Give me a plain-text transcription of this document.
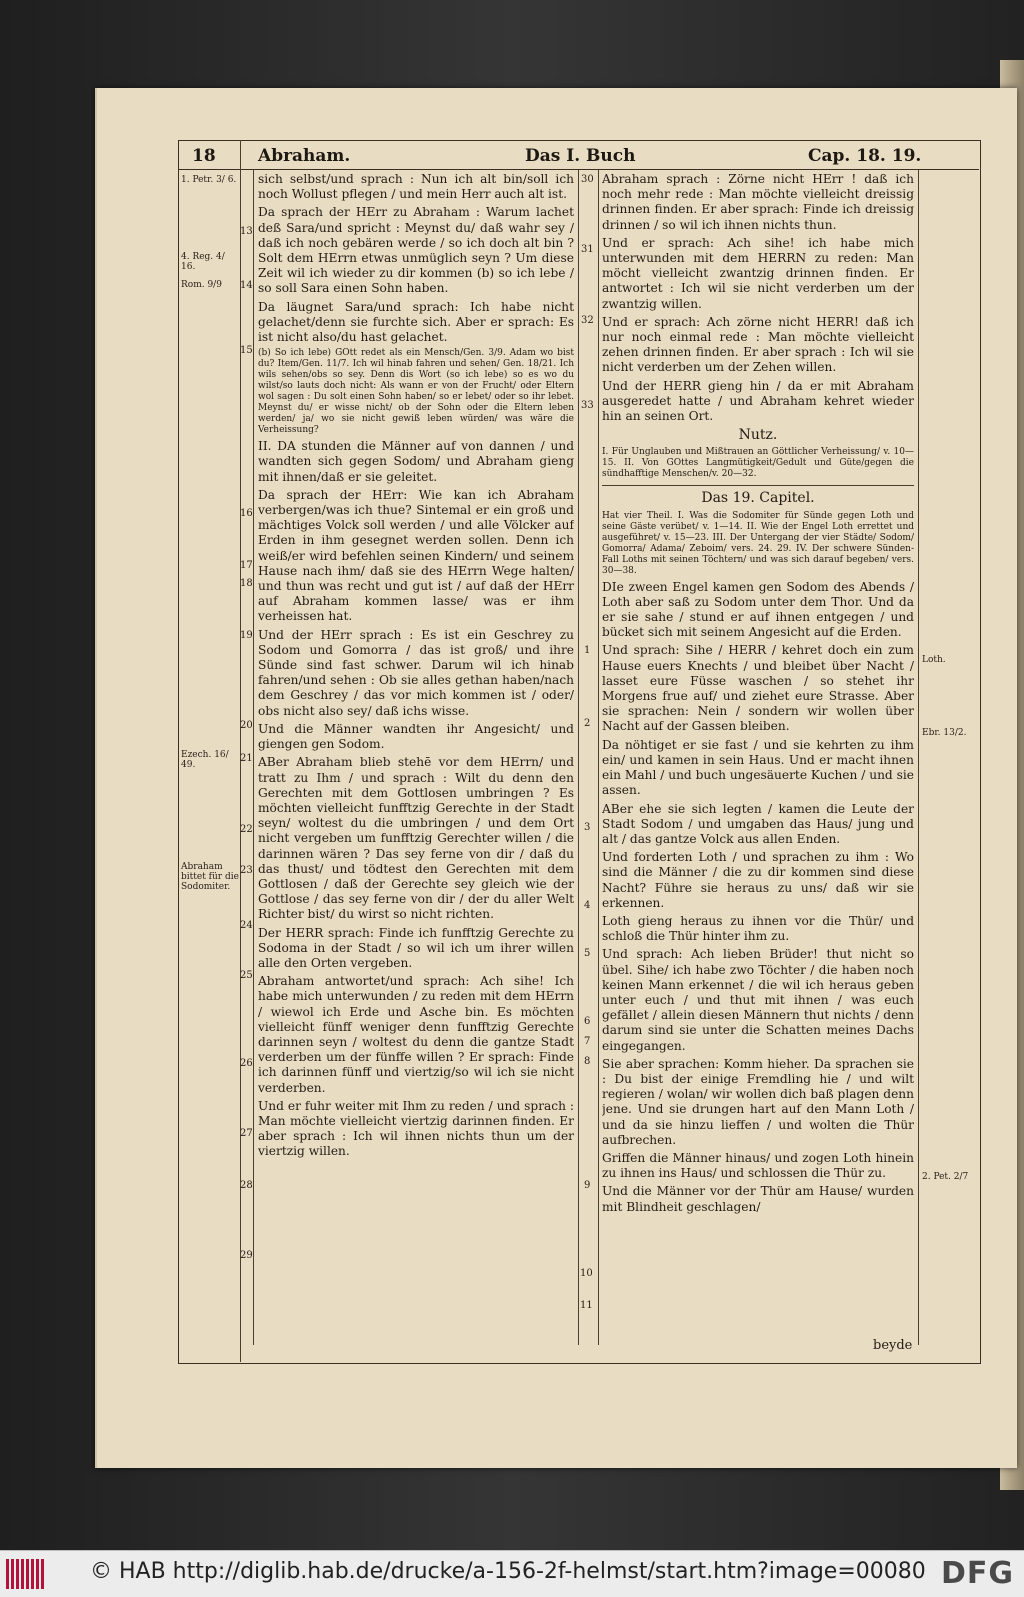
18 Abraham.	Das I. Buch	Cap. 18. 19.
1. Petr. 3/ 6.
4. Reg. 4/ 16.
Rom. 9/9
Ezech. 16/ 49.
Abraham bittet für die Sodomiter.
Loth.
Ebr. 13/2.
2. Pet. 2/7
13
14
15
16
17
18
19
20
21
22
23
24
25
26
27
28
29
30
31
32
33
1
2
3
4
5
6
7
8
9
10
11

sich selbst/und sprach : Nun ich alt bin/soll ich noch Wollust pflegen / und mein Herr auch alt ist.

Da sprach der HErr zu Abraham : Warum lachet deß Sara/und spricht : Meynst du/ daß wahr sey / daß ich noch gebären werde / so ich doch alt bin ? Solt dem HErrn etwas unmüglich seyn ? Um diese Zeit wil ich wieder zu dir kommen (b) so ich lebe / so soll Sara einen Sohn haben.

Da läugnet Sara/und sprach: Ich habe nicht gelachet/denn sie furchte sich. Aber er sprach: Es ist nicht also/du hast gelachet.

(b) So ich lebe) GOtt redet als ein Mensch/Gen. 3/9. Adam wo bist du? Item/Gen. 11/7. Ich wil hinab fahren und sehen/ Gen. 18/21. Ich wils sehen/obs so sey. Denn dis Wort (so ich lebe) so es wo du wilst/so lauts doch nicht: Als wann er von der Frucht/ oder Eltern wol sagen : Du solt einen Sohn haben/ so er lebet/ oder so ihr lebet. Meynst du/ er wisse nicht/ ob der Sohn oder die Eltern leben werden/ ja/ wo sie nicht gewiß leben würden/ was wäre die Verheissung?

II. DA stunden die Männer auf von dannen / und wandten sich gegen Sodom/ und Abraham gieng mit ihnen/daß er sie geleitet.

Da sprach der HErr: Wie kan ich Abraham verbergen/was ich thue? Sintemal er ein groß und mächtiges Volck soll werden / und alle Völcker auf Erden in ihm gesegnet werden sollen. Denn ich weiß/er wird befehlen seinen Kindern/ und seinem Hause nach ihm/ daß sie des HErrn Wege halten/ und thun was recht und gut ist / auf daß der HErr auf Abraham kommen lasse/ was er ihm verheissen hat.

Und der HErr sprach : Es ist ein Geschrey zu Sodom und Gomorra / das ist groß/ und ihre Sünde sind fast schwer. Darum wil ich hinab fahren/und sehen : Ob sie alles gethan haben/nach dem Geschrey / das vor mich kommen ist / oder/ obs nicht also sey/ daß ichs wisse.

Und die Männer wandten ihr Angesicht/ und giengen gen Sodom.

ABer Abraham blieb stehē vor dem HErrn/ und tratt zu Ihm / und sprach : Wilt du denn den Gerechten mit dem Gottlosen umbringen ? Es möchten vielleicht funfftzig Gerechte in der Stadt seyn/ woltest du die umbringen / und dem Ort nicht vergeben um funfftzig Gerechter willen / die darinnen wären ? Das sey ferne von dir / daß du das thust/ und tödtest den Gerechten mit dem Gottlosen / daß der Gerechte sey gleich wie der Gottlose / das sey ferne von dir / der du aller Welt Richter bist/ du wirst so nicht richten.

Der HERR sprach: Finde ich funfftzig Gerechte zu Sodoma in der Stadt / so wil ich um ihrer willen alle den Orten vergeben.

Abraham antwortet/und sprach: Ach sihe! Ich habe mich unterwunden / zu reden mit dem HErrn / wiewol ich Erde und Asche bin. Es möchten vielleicht fünff weniger denn funfftzig Gerechte darinnen seyn / woltest du denn die gantze Stadt verderben um der fünffe willen ? Er sprach: Finde ich darinnen fünff und viertzig/so wil ich sie nicht verderben.

Und er fuhr weiter mit Ihm zu reden / und sprach : Man möchte vielleicht viertzig darinnen finden. Er aber sprach : Ich wil ihnen nichts thun um der viertzig willen.

Abraham sprach : Zörne nicht HErr ! daß ich noch mehr rede : Man möchte vielleicht dreissig drinnen finden. Er aber sprach: Finde ich dreissig drinnen / so wil ich ihnen nichts thun.

Und er sprach: Ach sihe! ich habe mich unterwunden mit dem HERRN zu reden: Man möcht vielleicht zwantzig drinnen finden. Er antwortet : Ich wil sie nicht verderben um der zwantzig willen.

Und er sprach: Ach zörne nicht HERR! daß ich nur noch einmal rede : Man möchte vielleicht zehen drinnen finden. Er aber sprach : Ich wil sie nicht verderben um der Zehen willen.

Und der HERR gieng hin / da er mit Abraham ausgeredet hatte / und Abraham kehret wieder hin an seinen Ort.

Nutz.
I. Für Unglauben und Mißtrauen an Göttlicher Verheissung/ v. 10—15. II. Von GOttes Langmütigkeit/Gedult und Güte/gegen die sündhafftige Menschen/v. 20—32.
Das 19. Capitel.
Hat vier Theil. I. Was die Sodomiter für Sünde gegen Loth und seine Gäste verübet/ v. 1—14. II. Wie der Engel Loth errettet und ausgeführet/ v. 15—23. III. Der Untergang der vier Städte/ Sodom/ Gomorra/ Adama/ Zeboim/ vers. 24. 29. IV. Der schwere Sünden-Fall Loths mit seinen Töchtern/ und was sich darauf begeben/ vers. 30—38.

DIe zween Engel kamen gen Sodom des Abends / Loth aber saß zu Sodom unter dem Thor. Und da er sie sahe / stund er auf ihnen entgegen / und bücket sich mit seinem Angesicht auf die Erden.

Und sprach: Sihe / HERR / kehret doch ein zum Hause euers Knechts / und bleibet über Nacht / lasset eure Füsse waschen / so stehet ihr Morgens frue auf/ und ziehet eure Strasse. Aber sie sprachen: Nein / sondern wir wollen über Nacht auf der Gassen bleiben.

Da nöhtiget er sie fast / und sie kehrten zu ihm ein/ und kamen in sein Haus. Und er macht ihnen ein Mahl / und buch ungesäuerte Kuchen / und sie assen.

ABer ehe sie sich legten / kamen die Leute der Stadt Sodom / und umgaben das Haus/ jung und alt / das gantze Volck aus allen Enden.

Und forderten Loth / und sprachen zu ihm : Wo sind die Männer / die zu dir kommen sind diese Nacht? Führe sie heraus zu uns/ daß wir sie erkennen.

Loth gieng heraus zu ihnen vor die Thür/ und schloß die Thür hinter ihm zu.

Und sprach: Ach lieben Brüder! thut nicht so übel. Sihe/ ich habe zwo Töchter / die haben noch keinen Mann erkennet / die wil ich heraus geben unter euch / und thut mit ihnen / was euch gefället / allein diesen Männern thut nichts / denn darum sind sie unter die Schatten meines Dachs eingegangen.

Sie aber sprachen: Komm hieher. Da sprachen sie : Du bist der einige Fremdling hie / und wilt regieren / wolan/ wir wollen dich baß plagen denn jene. Und sie drungen hart auf den Mann Loth / und da sie hinzu lieffen / und wolten die Thür aufbrechen.

Griffen die Männer hinaus/ und zogen Loth hinein zu ihnen ins Haus/ und schlossen die Thür zu.

Und die Männer vor der Thür am Hause/ wurden mit Blindheit geschlagen/

beyde
© HAB http://diglib.hab.de/drucke/a-156-2f-helmst/start.htm?image=00080 DFG
